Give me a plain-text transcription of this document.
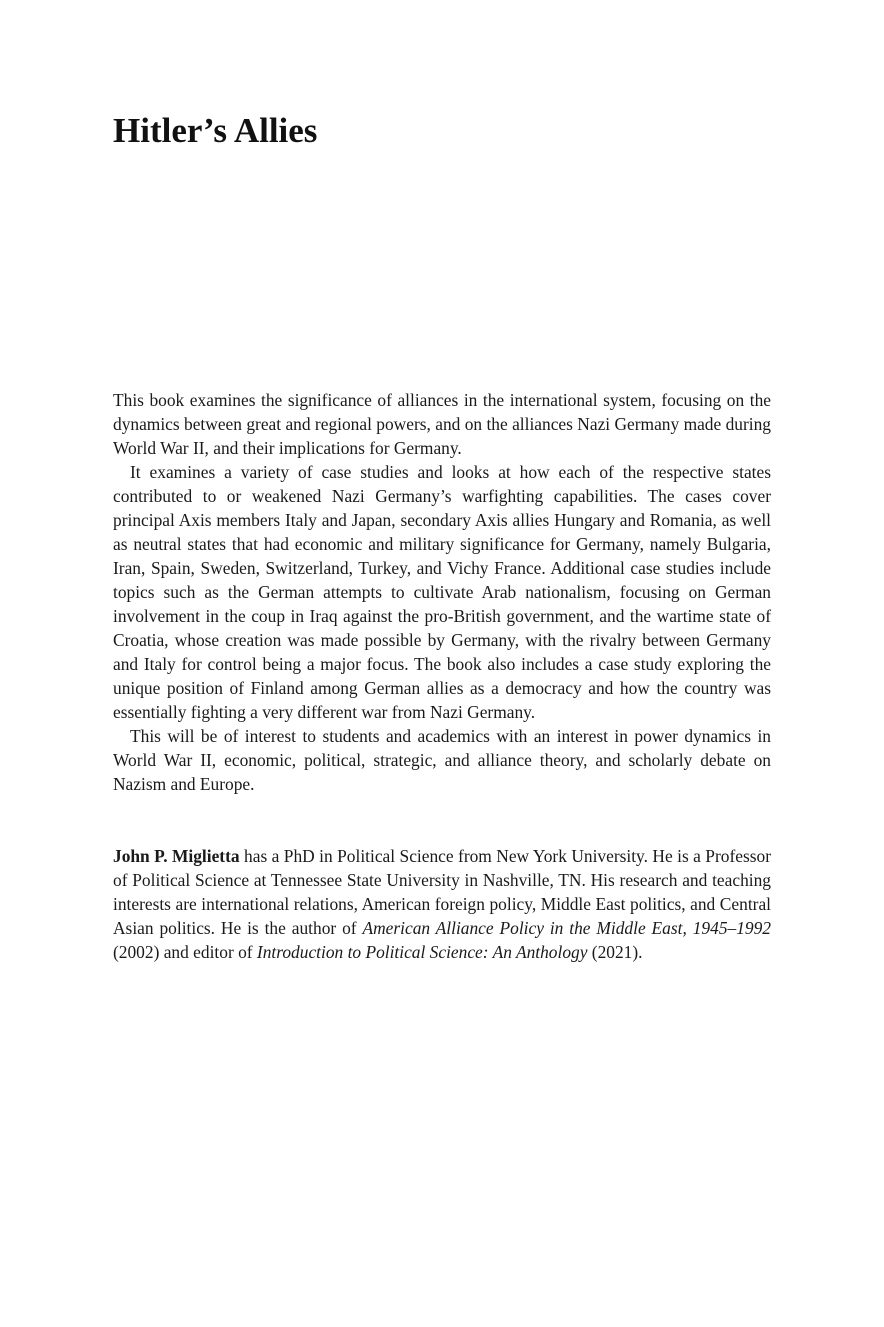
Hitler’s Allies

This book examines the significance of alliances in the international system, focusing on the dynamics between great and regional powers, and on the alliances Nazi Germany made during World War II, and their implications for Germany.

It examines a variety of case studies and looks at how each of the respective states contributed to or weakened Nazi Germany’s warfighting capabilities. The cases cover principal Axis members Italy and Japan, secondary Axis allies Hungary and Romania, as well as neutral states that had economic and military significance for Germany, namely Bulgaria, Iran, Spain, Sweden, Switzerland, Turkey, and Vichy France. Additional case studies include topics such as the German attempts to cultivate Arab nationalism, focusing on German involvement in the coup in Iraq against the pro-British government, and the wartime state of Croatia, whose creation was made possible by Germany, with the rivalry between Germany and Italy for control being a major focus. The book also includes a case study exploring the unique position of Finland among German allies as a democracy and how the country was essentially fighting a very different war from Nazi Germany.

This will be of interest to students and academics with an interest in power dynamics in World War II, economic, political, strategic, and alliance theory, and scholarly debate on Nazism and Europe.

John P. Miglietta has a PhD in Political Science from New York University. He is a Professor of Political Science at Tennessee State University in Nashville, TN. His research and teaching interests are international relations, American foreign policy, Middle East politics, and Central Asian politics. He is the author of American Alliance Policy in the Middle East, 1945–1992 (2002) and editor of Introduction to Political Science: An Anthology (2021).
